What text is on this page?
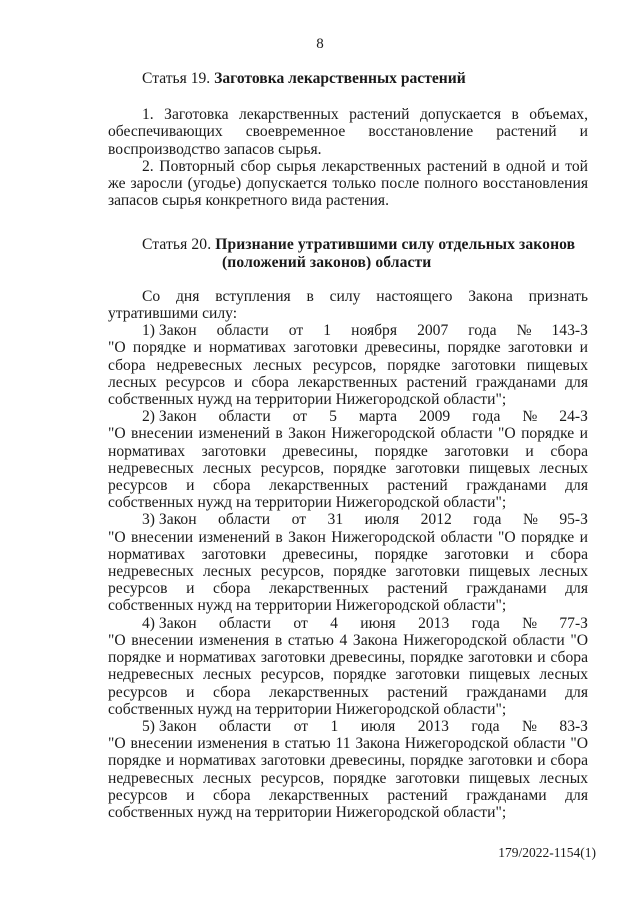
8

Статья 19. Заготовка лекарственных растений

1. Заготовка лекарственных растений допускается в объемах, обеспечивающих своевременное восстановление растений и воспроизводство запасов сырья.

2. Повторный сбор сырья лекарственных растений в одной и той же заросли (угодье) допускается только после полного восстановления запасов сырья конкретного вида растения.

Статья 20. Признание утратившими силу отдельных законов
(положений законов) области

Со дня вступления в силу настоящего Закона признать утратившими силу:

1) Закон области от 1 ноября 2007 года № 143-З

"О порядке и нормативах заготовки древесины, порядке заготовки и сбора недревесных лесных ресурсов, порядке заготовки пищевых лесных ресурсов и сбора лекарственных растений гражданами для собственных нужд на территории Нижегородской области";

2) Закон области от 5 марта 2009 года № 24-З

"О внесении изменений в Закон Нижегородской области "О порядке и нормативах заготовки древесины, порядке заготовки и сбора недревесных лесных ресурсов, порядке заготовки пищевых лесных ресурсов и сбора лекарственных растений гражданами для собственных нужд на территории Нижегородской области";

3) Закон области от 31 июля 2012 года № 95-З

"О внесении изменений в Закон Нижегородской области "О порядке и нормативах заготовки древесины, порядке заготовки и сбора недревесных лесных ресурсов, порядке заготовки пищевых лесных ресурсов и сбора лекарственных растений гражданами для собственных нужд на территории Нижегородской области";

4) Закон области от 4 июня 2013 года № 77-З

"О внесении изменения в статью 4 Закона Нижегородской области "О порядке и нормативах заготовки древесины, порядке заготовки и сбора недревесных лесных ресурсов, порядке заготовки пищевых лесных ресурсов и сбора лекарственных растений гражданами для собственных нужд на территории Нижегородской области";

5) Закон области от 1 июля 2013 года № 83-З

"О внесении изменения в статью 11 Закона Нижегородской области "О порядке и нормативах заготовки древесины, порядке заготовки и сбора недревесных лесных ресурсов, порядке заготовки пищевых лесных ресурсов и сбора лекарственных растений гражданами для собственных нужд на территории Нижегородской области";

179/2022-1154(1)
